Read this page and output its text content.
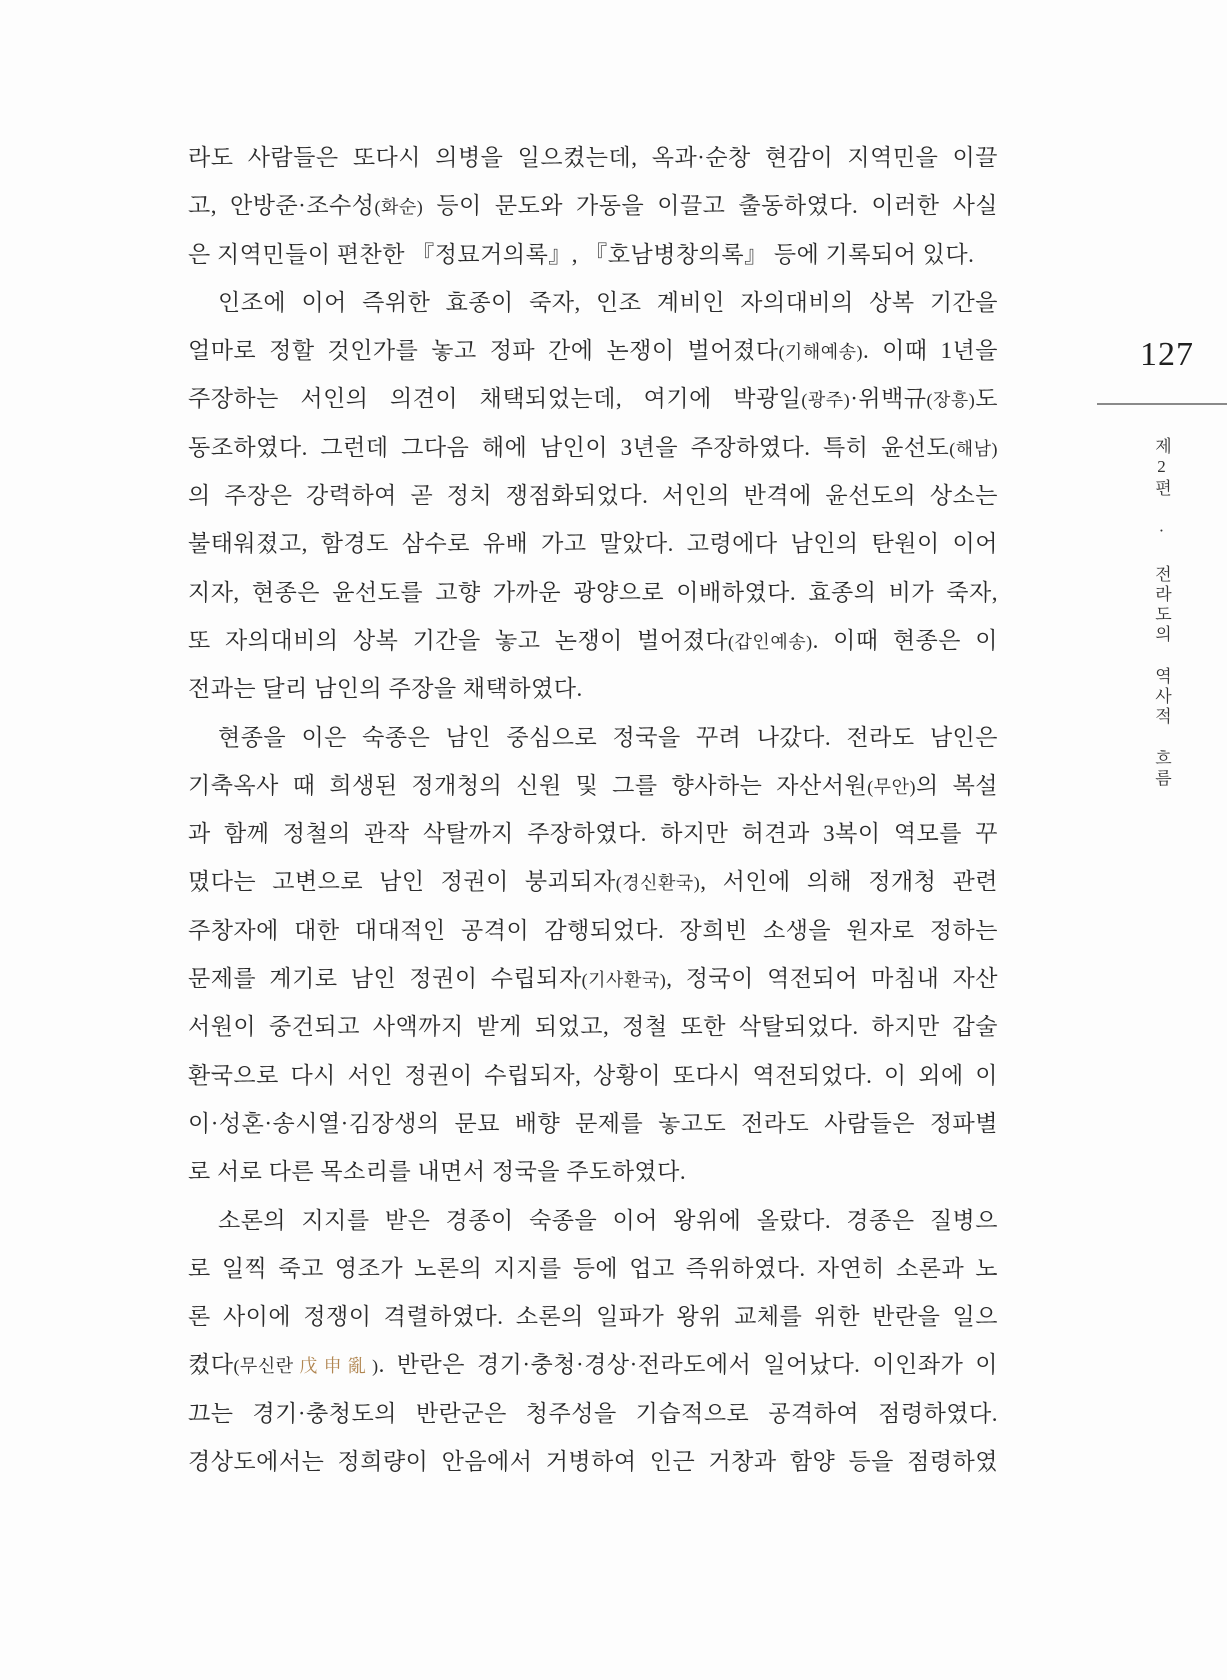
라도 사람들은 또다시 의병을 일으켰는데, 옥과·순창 현감이 지역민을 이끌
고, 안방준·조수성(화순) 등이 문도와 가동을 이끌고 출동하였다. 이러한 사실
은 지역민들이 편찬한 『정묘거의록』, 『호남병창의록』 등에 기록되어 있다.
인조에 이어 즉위한 효종이 죽자, 인조 계비인 자의대비의 상복 기간을
얼마로 정할 것인가를 놓고 정파 간에 논쟁이 벌어졌다(기해예송). 이때 1년을
주장하는 서인의 의견이 채택되었는데, 여기에 박광일(광주)·위백규(장흥)도
동조하였다. 그런데 그다음 해에 남인이 3년을 주장하였다. 특히 윤선도(해남)
의 주장은 강력하여 곧 정치 쟁점화되었다. 서인의 반격에 윤선도의 상소는
불태워졌고, 함경도 삼수로 유배 가고 말았다. 고령에다 남인의 탄원이 이어
지자, 현종은 윤선도를 고향 가까운 광양으로 이배하였다. 효종의 비가 죽자,
또 자의대비의 상복 기간을 놓고 논쟁이 벌어졌다(갑인예송). 이때 현종은 이
전과는 달리 남인의 주장을 채택하였다.
현종을 이은 숙종은 남인 중심으로 정국을 꾸려 나갔다. 전라도 남인은
기축옥사 때 희생된 정개청의 신원 및 그를 향사하는 자산서원(무안)의 복설
과 함께 정철의 관작 삭탈까지 주장하였다. 하지만 허견과 3복이 역모를 꾸
몄다는 고변으로 남인 정권이 붕괴되자(경신환국), 서인에 의해 정개청 관련
주창자에 대한 대대적인 공격이 감행되었다. 장희빈 소생을 원자로 정하는
문제를 계기로 남인 정권이 수립되자(기사환국), 정국이 역전되어 마침내 자산
서원이 중건되고 사액까지 받게 되었고, 정철 또한 삭탈되었다. 하지만 갑술
환국으로 다시 서인 정권이 수립되자, 상황이 또다시 역전되었다. 이 외에 이
이·성혼·송시열·김장생의 문묘 배향 문제를 놓고도 전라도 사람들은 정파별
로 서로 다른 목소리를 내면서 정국을 주도하였다.
소론의 지지를 받은 경종이 숙종을 이어 왕위에 올랐다. 경종은 질병으
로 일찍 죽고 영조가 노론의 지지를 등에 업고 즉위하였다. 자연히 소론과 노
론 사이에 정쟁이 격렬하였다. 소론의 일파가 왕위 교체를 위한 반란을 일으
켰다(무신란戊申亂). 반란은 경기·충청·경상·전라도에서 일어났다. 이인좌가 이
끄는 경기·충청도의 반란군은 청주성을 기습적으로 공격하여 점령하였다.
경상도에서는 정희량이 안음에서 거병하여 인근 거창과 함양 등을 점령하였
127
제2편 · 전라도의 역사적 흐름
